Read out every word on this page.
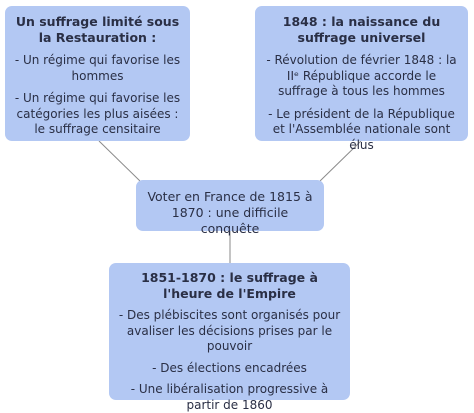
Un suffrage limité sous la Restauration :
- Un régime qui favorise les hommes
- Un régime qui favorise les catégories les plus aisées : le suffrage censitaire
1848 : la naissance du suffrage universel
- Révolution de février 1848 : la IIᵉ République accorde le suffrage à tous les hommes
- Le président de la République et l'Assemblée nationale sont élus
Voter en France de 1815 à 1870 : une difficile conquête
1851-1870 : le suffrage à l'heure de l'Empire
- Des plébiscites sont organisés pour avaliser les décisions prises par le pouvoir
- Des élections encadrées
- Une libéralisation progressive à partir de 1860
